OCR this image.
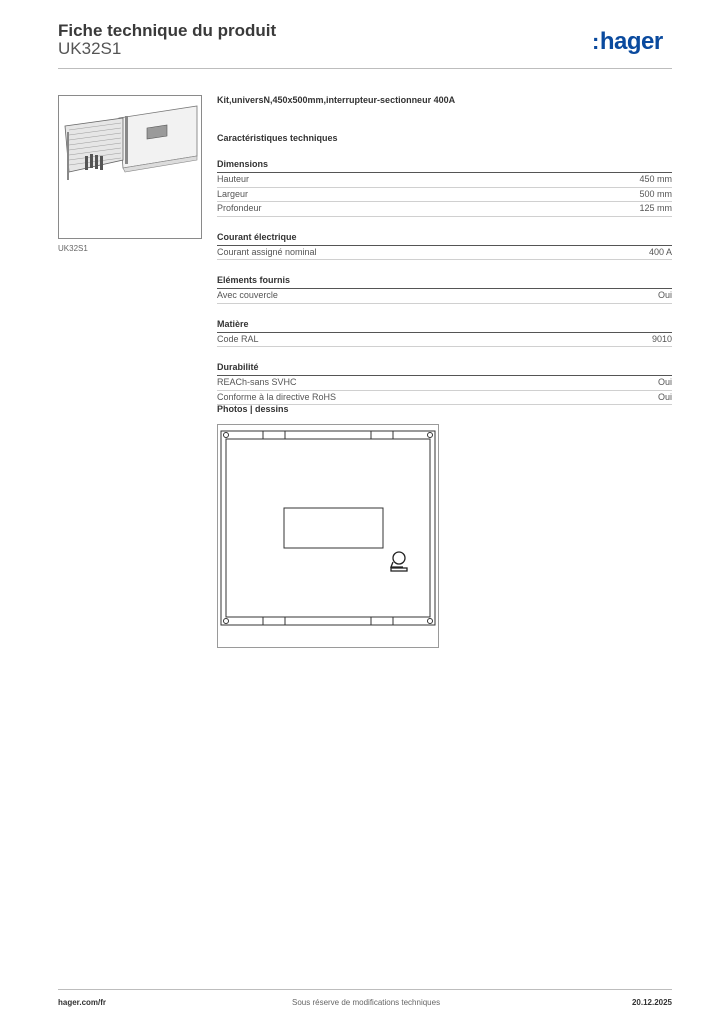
Fiche technique du produit
UK32S1	:hager
UK32S1
Kit,universN,450x500mm,interrupteur-sectionneur 400A
Caractéristiques techniques
Dimensions
Hauteur	450 mm
Largeur	500 mm
Profondeur	125 mm
Courant électrique
Courant assigné nominal	400 A
Eléments fournis
Avec couvercle	Oui
Matière
Code RAL	9010
Durabilité
REACh-sans SVHC	Oui
Conforme à la directive RoHS	Oui
Photos | dessins
hager.com/fr	Sous réserve de modifications techniques	20.12.2025
